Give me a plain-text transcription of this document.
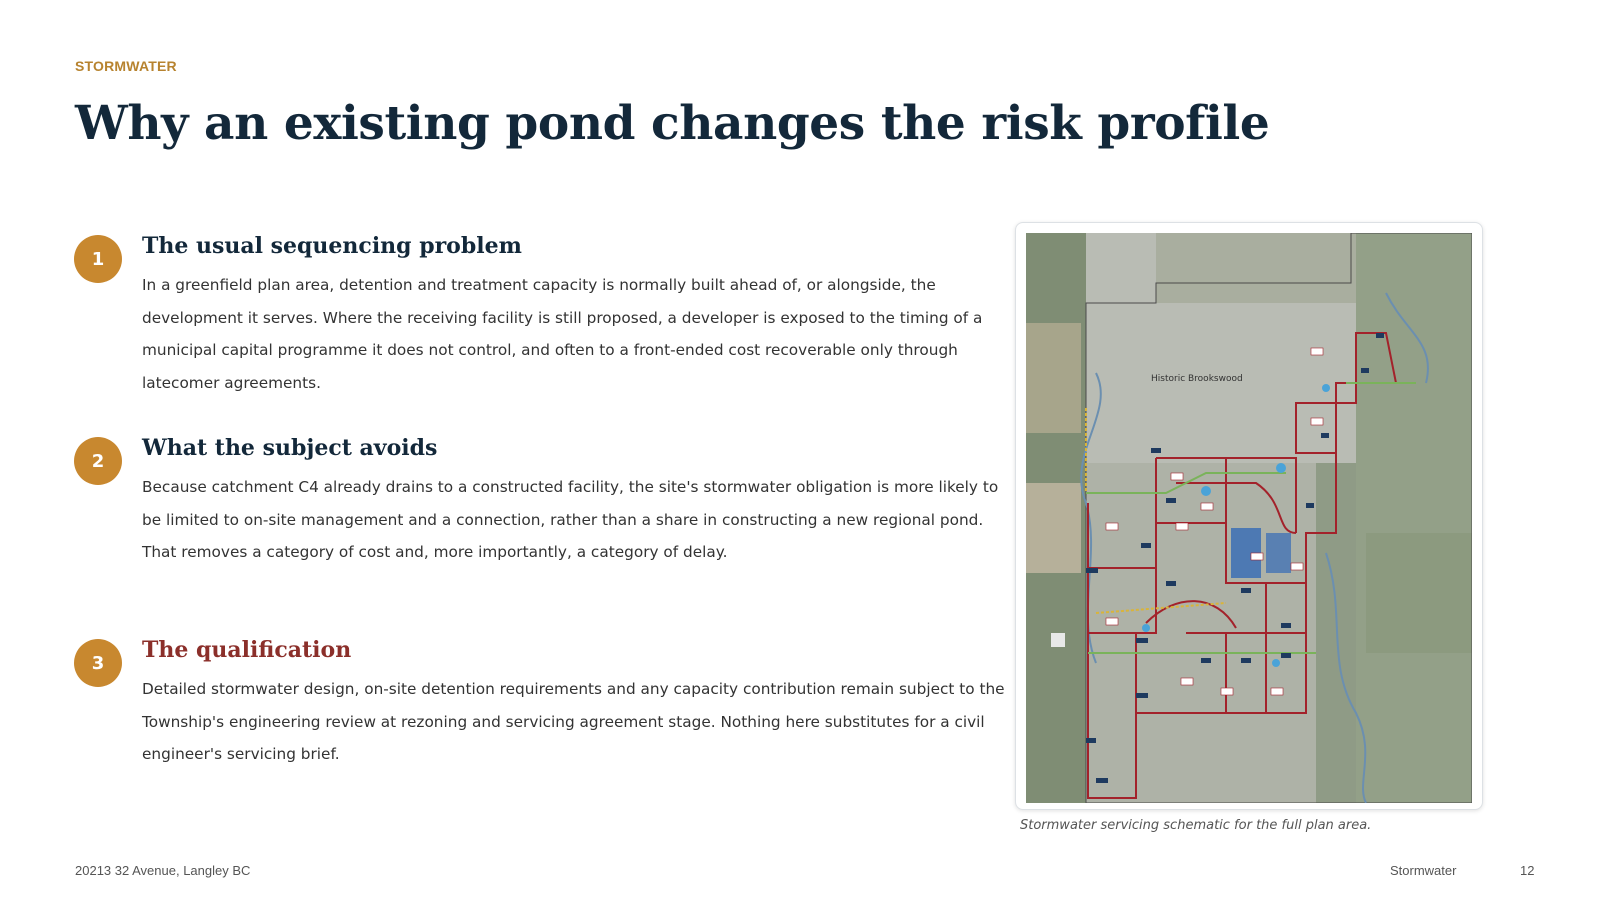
STORMWATER
Why an existing pond changes the risk profile
1	The usual sequencing problem
In a greenfield plan area, detention and treatment capacity is normally built ahead of, or alongside, the development it serves. Where the receiving facility is still proposed, a developer is exposed to the timing of a municipal capital programme it does not control, and often to a front-ended cost recoverable only through latecomer agreements.
2	What the subject avoids
Because catchment C4 already drains to a constructed facility, the site's stormwater obligation is more likely to be limited to on-site management and a connection, rather than a share in constructing a new regional pond. That removes a category of cost and, more importantly, a category of delay.
3	The qualification
Detailed stormwater design, on-site detention requirements and any capacity contribution remain subject to the Township's engineering review at rezoning and servicing agreement stage. Nothing here substitutes for a civil engineer's servicing brief.
Historic Brookswood
Stormwater servicing schematic for the full plan area.
20213 32 Avenue, Langley BC	Stormwater	12
